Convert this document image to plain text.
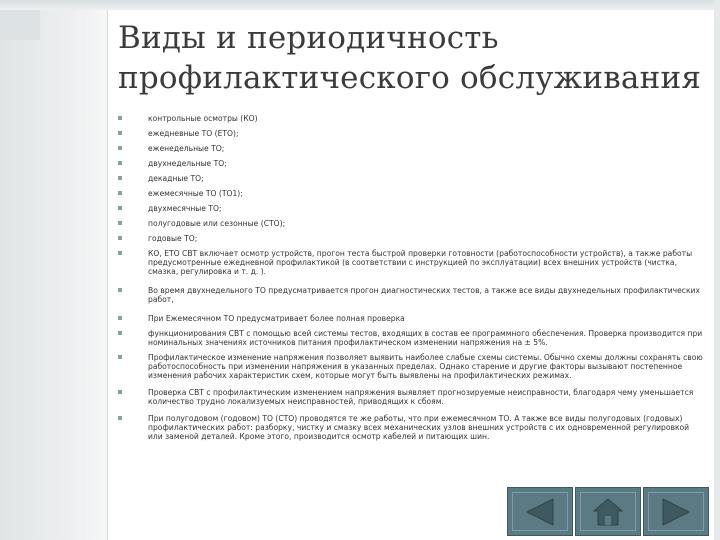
Виды и периодичность
профилактического обслуживания
контрольные осмотры (КО)
ежедневные ТО (ЕТО);
еженедельные ТО;
двухнедельные ТО;
декадные ТО;
ежемесячные ТО (ТО1);
двухмесячные ТО;
полугодовые или сезонные (СТО);
годовые ТО;
КО, ЕТО СВТ включает осмотр устройств, прогон теста быстрой проверки готовности (работоспособности устройств), а также работы предусмотренные ежедневной профилактикой (в соответствии с инструкцией по эксплуатации) всех внешних устройств (чистка, смазка, регулировка и т. д. ).
Во время двухнедельного ТО предусматривается прогон диагностических тестов, а также все виды двухнедельных профилактических работ,
При Ежемесячном ТО предусматривает более полная проверка
функционирования СВТ с помощью всей системы тестов, входящих в состав ее программного обеспечения. Проверка производится при номинальных значениях источников питания профилактическом изменении напряжения на ± 5%.
Профилактическое изменение напряжения позволяет выявить наиболее слабые схемы системы. Обычно схемы должны сохранять свою работоспособность при изменении напряжения в указанных пределах. Однако старение и другие факторы вызывают постепенное изменения рабочих характеристик схем, которые могут быть выявлены на профилактических режимах.
Проверка СВТ с профилактическим изменением напряжения выявляет прогнозируемые неисправности, благодаря чему уменьшается количество трудно локализуемых неисправностей, приводящих к сбоям.
При полугодовом (годовом) ТО (СТО) проводятся те же работы, что при ежемесячном ТО. А также все виды полугодовых (годовых) профилактических работ: разборку, чистку и смазку всех механических узлов внешних устройств с их одновременной регулировкой или заменой деталей. Кроме этого, производится осмотр кабелей и питающих шин.
